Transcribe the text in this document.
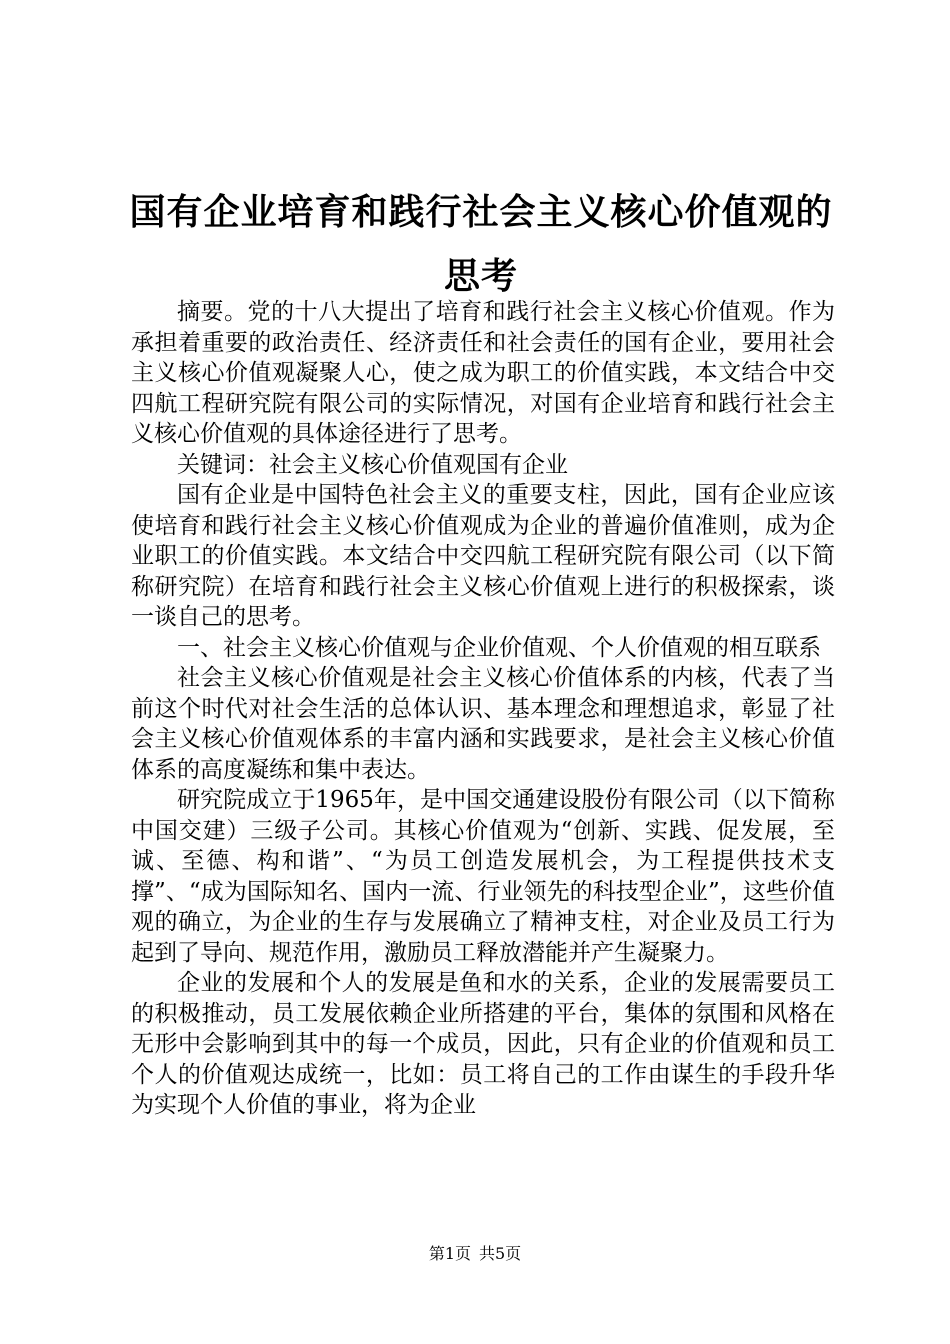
国有企业培育和践行社会主义核心价值观的思考

摘要。党的十八大提出了培育和践行社会主义核心价值观。作为承担着重要的政治责任、经济责任和社会责任的国有企业，要用社会主义核心价值观凝聚人心，使之成为职工的价值实践，本文结合中交四航工程研究院有限公司的实际情况，对国有企业培育和践行社会主义核心价值观的具体途径进行了思考。

关键词：社会主义核心价值观国有企业

国有企业是中国特色社会主义的重要支柱，因此，国有企业应该使培育和践行社会主义核心价值观成为企业的普遍价值准则，成为企业职工的价值实践。本文结合中交四航工程研究院有限公司（以下简称研究院）在培育和践行社会主义核心价值观上进行的积极探索，谈一谈自己的思考。

一、社会主义核心价值观与企业价值观、个人价值观的相互联系

社会主义核心价值观是社会主义核心价值体系的内核，代表了当前这个时代对社会生活的总体认识、基本理念和理想追求，彰显了社会主义核心价值观体系的丰富内涵和实践要求，是社会主义核心价值体系的高度凝练和集中表达。

研究院成立于1965年，是中国交通建设股份有限公司（以下简称中国交建）三级子公司。其核心价值观为“创新、实践、促发展，至诚、至德、构和谐”、“为员工创造发展机会，为工程提供技术支撑”、“成为国际知名、国内一流、行业领先的科技型企业”，这些价值观的确立，为企业的生存与发展确立了精神支柱，对企业及员工行为起到了导向、规范作用，激励员工释放潜能并产生凝聚力。

企业的发展和个人的发展是鱼和水的关系，企业的发展需要员工的积极推动，员工发展依赖企业所搭建的平台，集体的氛围和风格在无形中会影响到其中的每一个成员，因此，只有企业的价值观和员工个人的价值观达成统一，比如：员工将自己的工作由谋生的手段升华为实现个人价值的事业，将为企业

第1页 共5页
